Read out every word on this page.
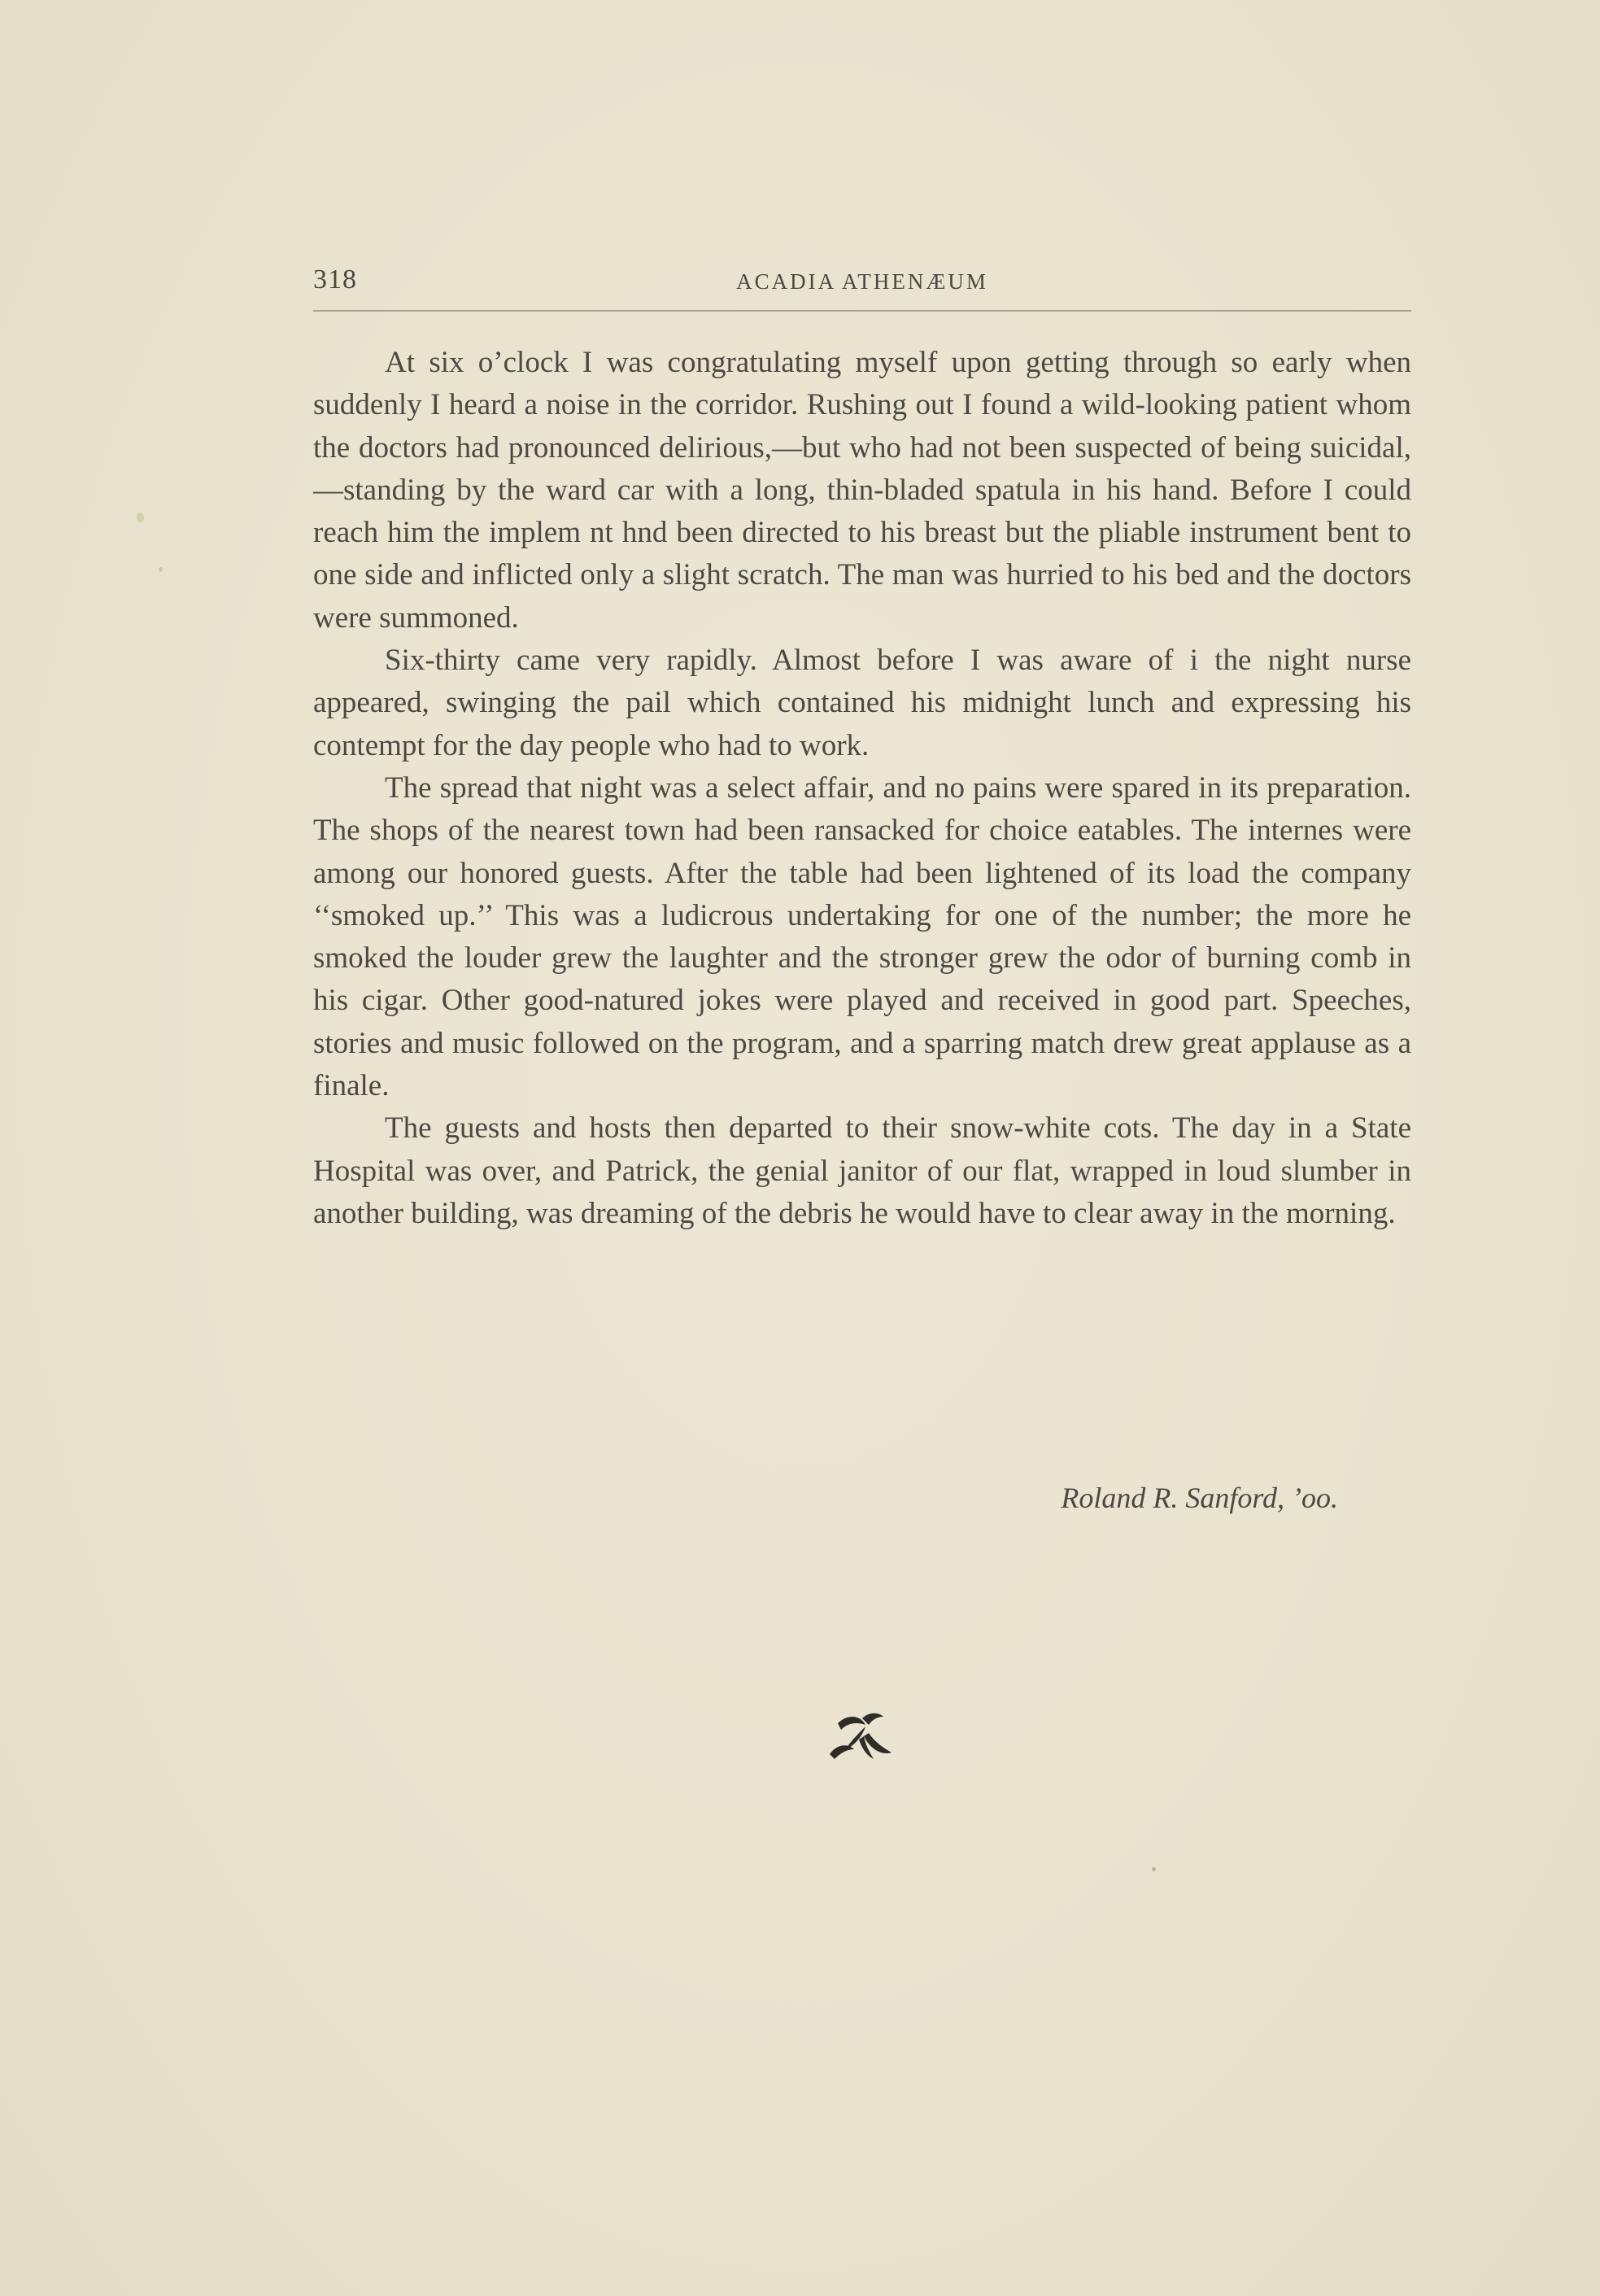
318	ACADIA ATHENÆUM

At six o’clock I was congratulating myself upon getting through so early when suddenly I heard a noise in the corridor. Rushing out I found a wild-looking patient whom the doctors had pronounced delirious,—but who had not been suspected of being suicidal,—standing by the ward car with a long, thin-bladed spatula in his hand. Before I could reach him the implem nt hnd been directed to his breast but the pliable instrument bent to one side and inflicted only a slight scratch. The man was hurried to his bed and the doctors were summoned.

Six-thirty came very rapidly. Almost before I was aware of i the night nurse appeared, swinging the pail which contained his midnight lunch and expressing his contempt for the day people who had to work.

The spread that night was a select affair, and no pains were spared in its preparation. The shops of the nearest town had been ransacked for choice eatables. The internes were among our honored guests. After the table had been lightened of its load the company ‘‘smoked up.’’ This was a ludicrous undertaking for one of the number; the more he smoked the louder grew the laughter and the stronger grew the odor of burning comb in his cigar. Other good-natured jokes were played and received in good part. Speeches, stories and music followed on the program, and a sparring match drew great applause as a finale.

The guests and hosts then departed to their snow-white cots. The day in a State Hospital was over, and Patrick, the genial janitor of our flat, wrapped in loud slumber in another building, was dreaming of the debris he would have to clear away in the morning.

Roland R. Sanford, ’oo.
